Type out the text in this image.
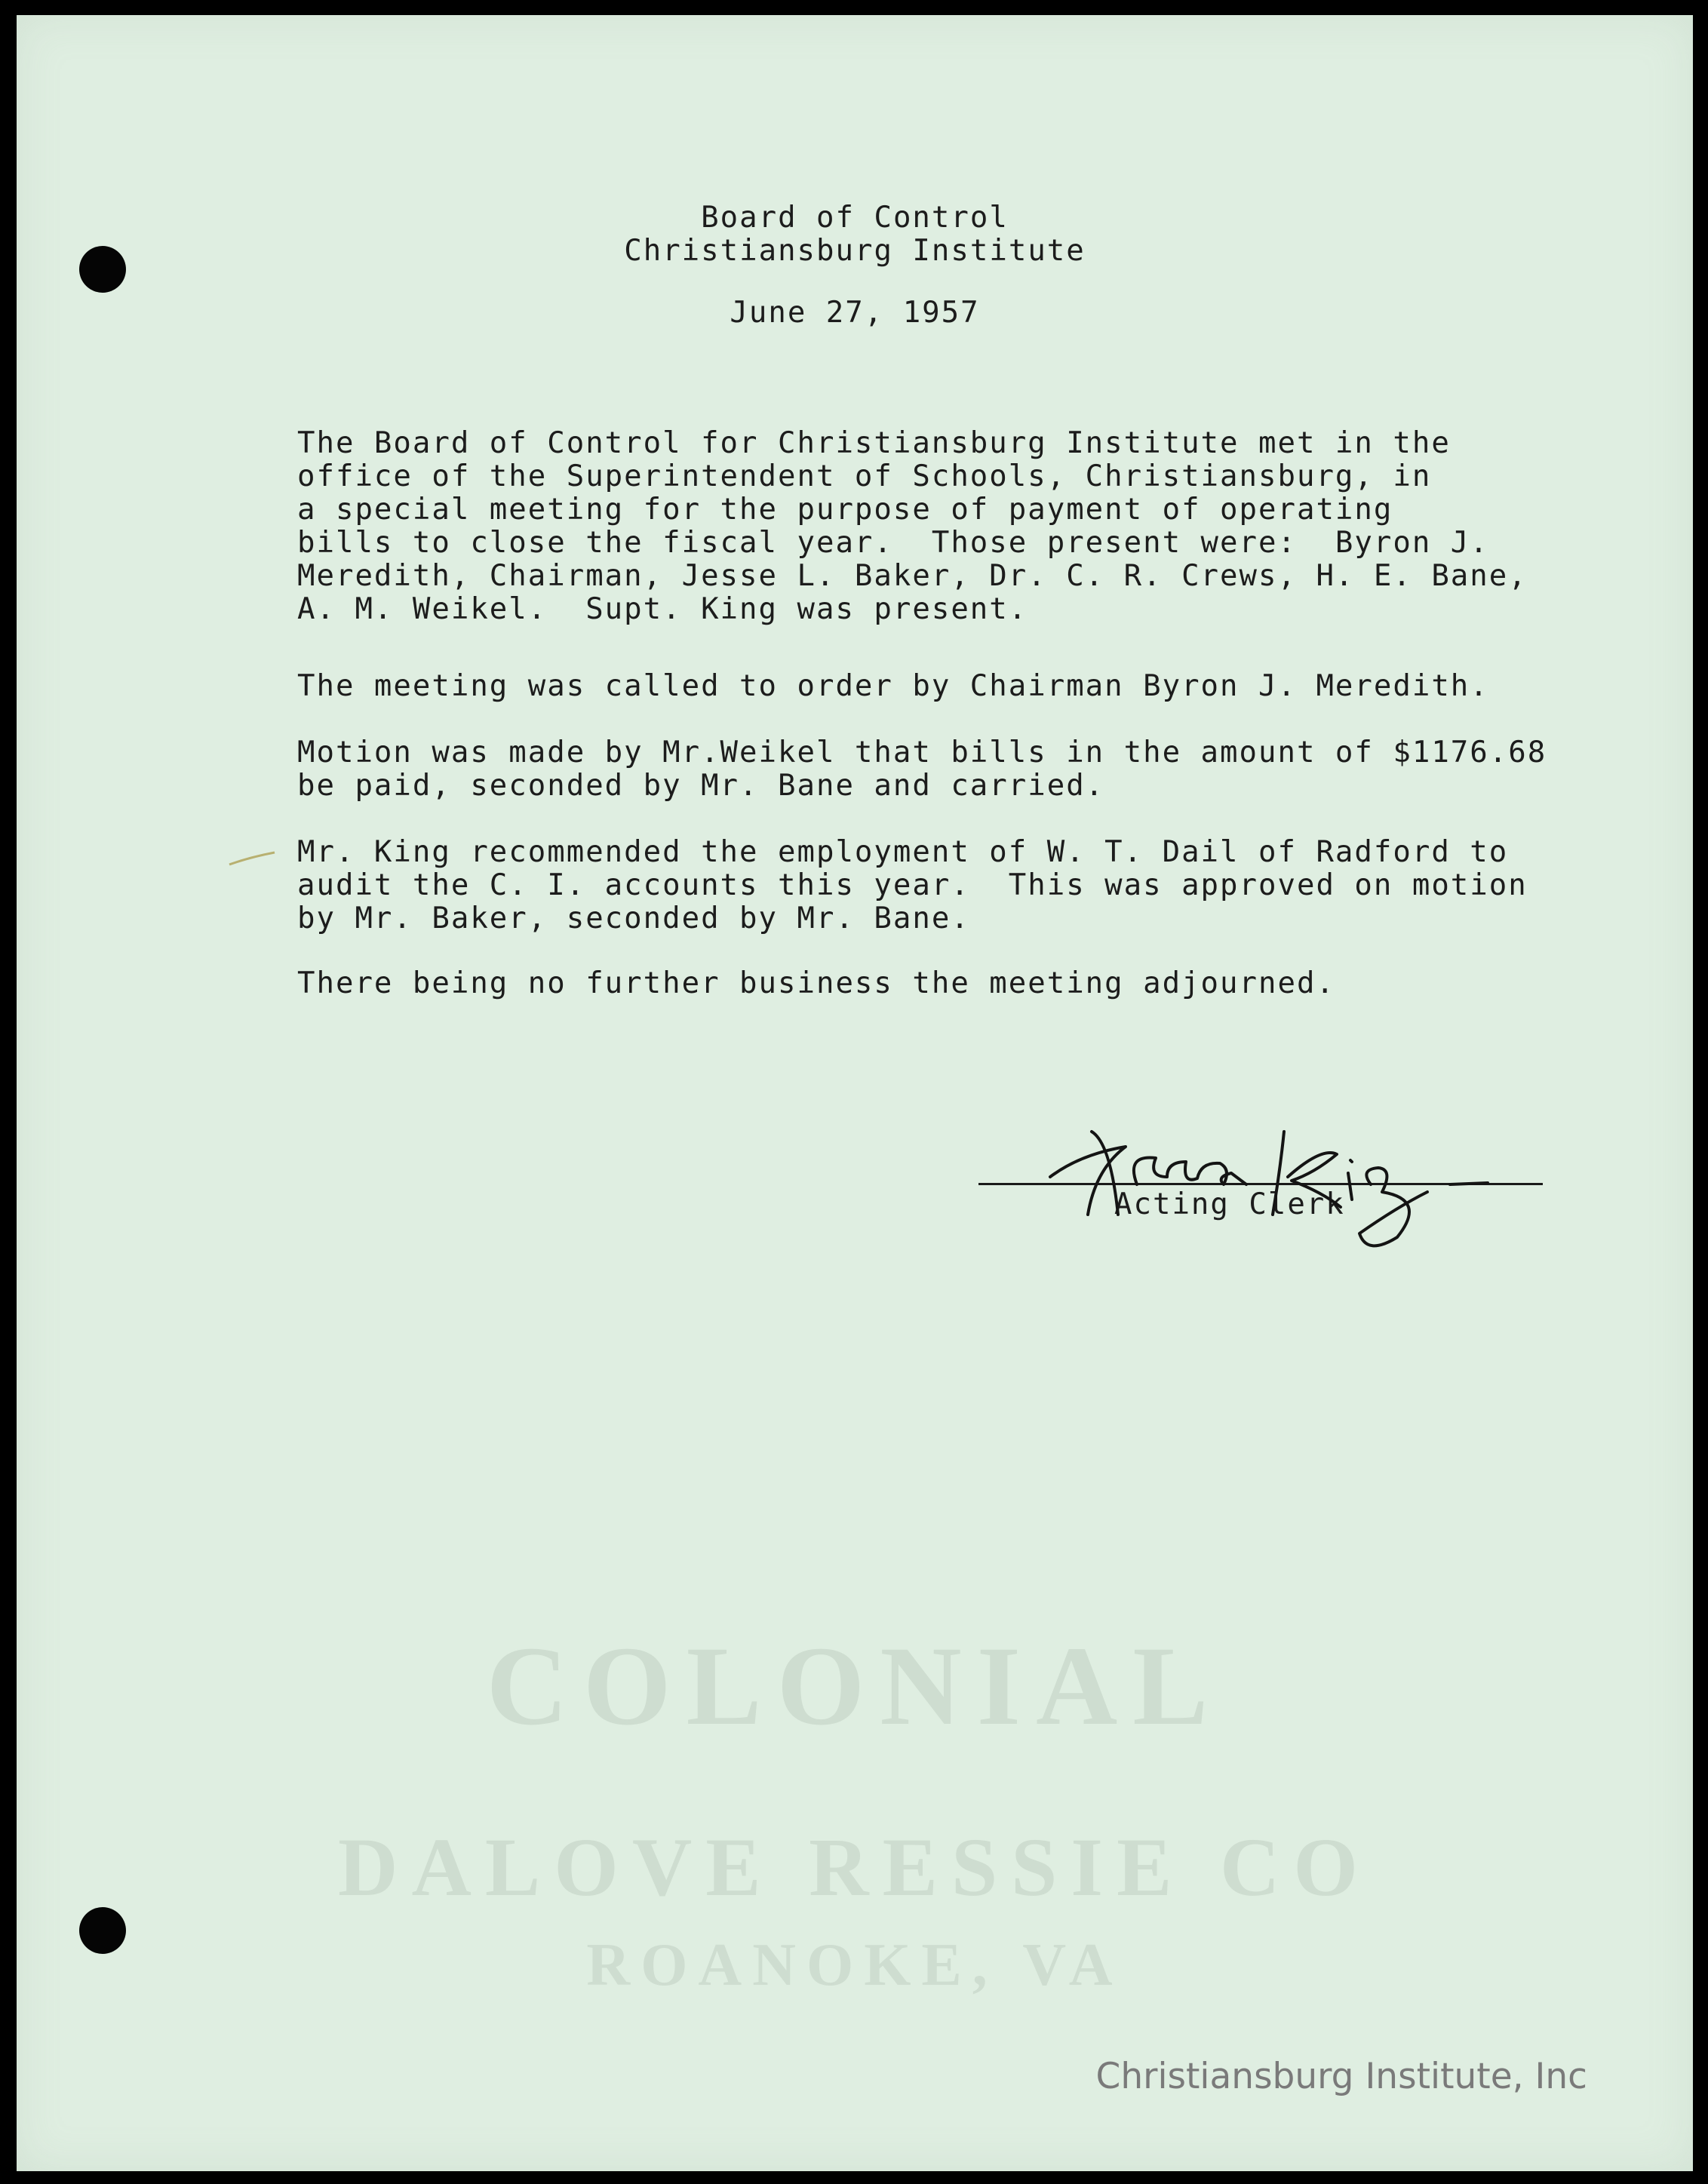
Board of Control
Christiansburg Institute
June 27, 1957
The Board of Control for Christiansburg Institute met in the
office of the Superintendent of Schools, Christiansburg, in
a special meeting for the purpose of payment of operating
bills to close the fiscal year.  Those present were:  Byron J.
Meredith, Chairman, Jesse L. Baker, Dr. C. R. Crews, H. E. Bane,
A. M. Weikel.  Supt. King was present.
The meeting was called to order by Chairman Byron J. Meredith.
Motion was made by Mr.Weikel that bills in the amount of $1176.68
be paid, seconded by Mr. Bane and carried.
Mr. King recommended the employment of W. T. Dail of Radford to
audit the C. I. accounts this year.  This was approved on motion
by Mr. Baker, seconded by Mr. Bane.
There being no further business the meeting adjourned.
Acting Clerk
COLONIAL
DALOVE RESSIE CO
ROANOKE, VA
Christiansburg Institute, Inc
